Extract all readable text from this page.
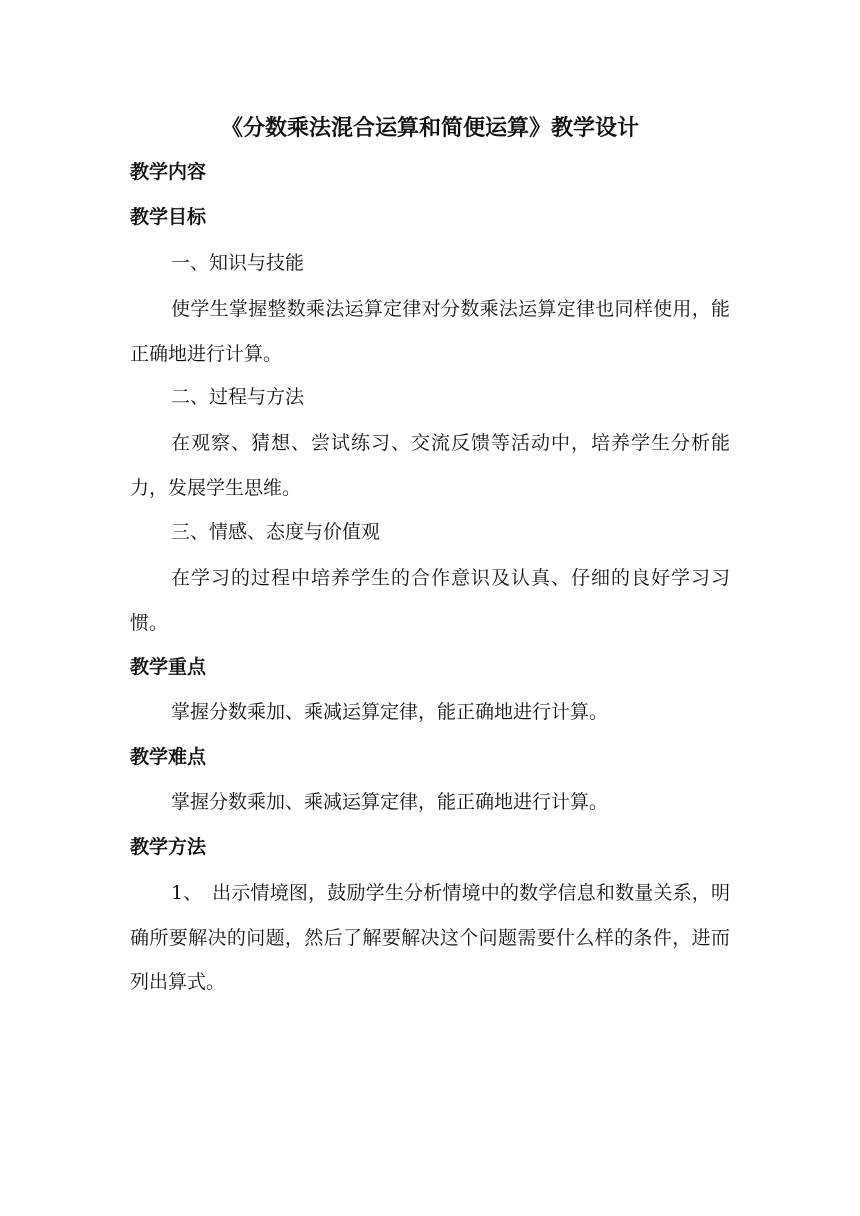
《分数乘法混合运算和简便运算》教学设计
教学内容
教学目标
一、知识与技能
使学生掌握整数乘法运算定律对分数乘法运算定律也同样使用，能正确地进行计算。
二、过程与方法
在观察、猜想、尝试练习、交流反馈等活动中，培养学生分析能力，发展学生思维。
三、情感、态度与价值观
在学习的过程中培养学生的合作意识及认真、仔细的良好学习习惯。
教学重点
掌握分数乘加、乘减运算定律，能正确地进行计算。
教学难点
掌握分数乘加、乘减运算定律，能正确地进行计算。
教学方法
1、　出示情境图，鼓励学生分析情境中的数学信息和数量关系，明确所要解决的问题，然后了解要解决这个问题需要什么样的条件，进而列出算式。
